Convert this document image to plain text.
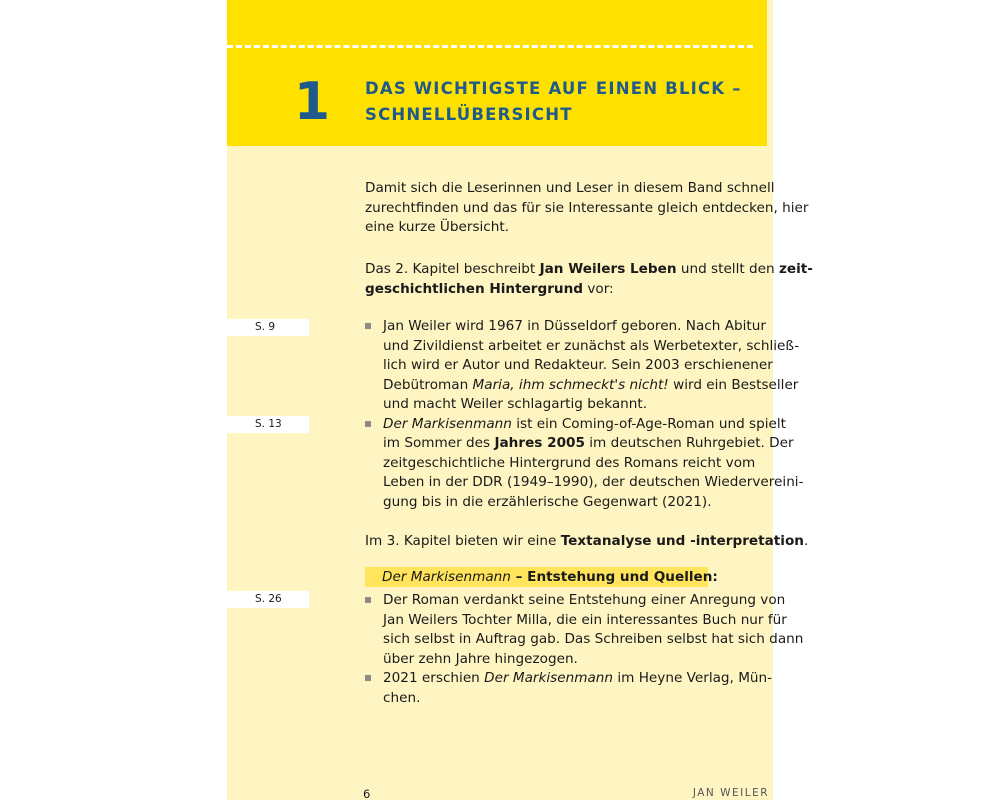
1	DAS WICHTIGSTE AUF EINEN BLICK –
SCHNELLÜBERSICHT
Damit sich die Leserinnen und Leser in diesem Band schnell
zurechtfinden und das für sie Interessante gleich entdecken, hier
eine kurze Übersicht.
Das 2. Kapitel beschreibt Jan Weilers Leben und stellt den zeit-
geschichtlichen Hintergrund vor:
Jan Weiler wird 1967 in Düsseldorf geboren. Nach Abitur
und Zivildienst arbeitet er zunächst als Werbetexter, schließ-
lich wird er Autor und Redakteur. Sein 2003 erschienener
Debütroman Maria, ihm schmeckt's nicht! wird ein Bestseller
und macht Weiler schlagartig bekannt.
Der Markisenmann ist ein Coming-of-Age-Roman und spielt
im Sommer des Jahres 2005 im deutschen Ruhrgebiet. Der
zeitgeschichtliche Hintergrund des Romans reicht vom
Leben in der DDR (1949–1990), der deutschen Wiedervereini-
gung bis in die erzählerische Gegenwart (2021).
Im 3. Kapitel bieten wir eine Textanalyse und -interpretation.
Der Roman verdankt seine Entstehung einer Anregung von
Jan Weilers Tochter Milla, die ein interessantes Buch nur für
sich selbst in Auftrag gab. Das Schreiben selbst hat sich dann
über zehn Jahre hingezogen.
2021 erschien Der Markisenmann im Heyne Verlag, Mün-
chen.
Der Markisenmann – Entstehung und Quellen:
S. 9
S. 13
S. 26
6	JAN WEILER
